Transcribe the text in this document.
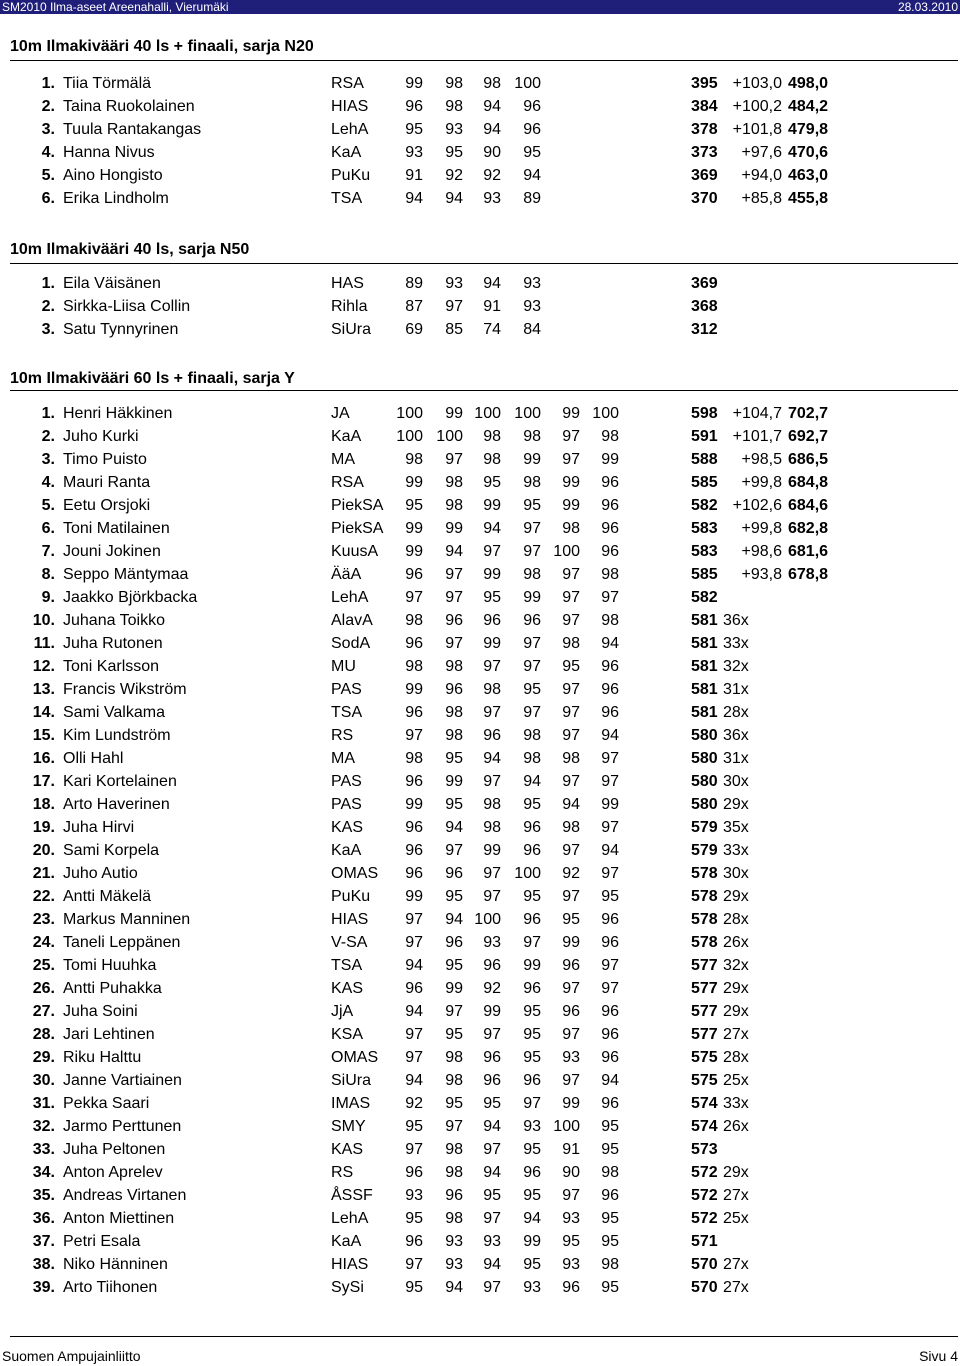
SM2010 Ilma-aseet Areenahalli, Vierumäki	28.03.2010
10m Ilmakivääri 40 ls + finaali, sarja N20
1. Tiia Törmälä	RSA	99	98	98 100	395 +103,0 498,0
2. Taina Ruokolainen	HIAS	96	98	94	96	384 +100,2 484,2
3. Tuula Rantakangas	LehA	95	93	94	96	378 +101,8 479,8
4. Hanna Nivus	KaA	93	95	90	95	373	+97,6 470,6
5. Aino Hongisto	PuKu	91	92	92	94	369	+94,0 463,0
6. Erika Lindholm	TSA	94	94	93	89	370	+85,8 455,8
10m Ilmakivääri 40 ls, sarja N50
1. Eila Väisänen	HAS	89	93	94	93	369
2. Sirkka-Liisa Collin	Rihla	87	97	91	93	368
3. Satu Tynnyrinen	SiUra	69	85	74	84	312
10m Ilmakivääri 60 ls + finaali, sarja Y
1. Henri Häkkinen	JA	100	99 100 100	99 100	598 +104,7 702,7
2. Juho Kurki	KaA 100 100	98	98	97	98	591 +101,7 692,7
3. Timo Puisto	MA	98	97	98	99	97	99	588	+98,5 686,5
4. Mauri Ranta	RSA	99	98	95	98	99	96	585	+99,8 684,8
5. Eetu Orsjoki	PiekSA	95	98	99	95	99	96	582 +102,6 684,6
6. Toni Matilainen	PiekSA	99	99	94	97	98	96	583	+99,8 682,8
7. Jouni Jokinen	KuusA	99	94	97	97 100	96	583	+98,6 681,6
8. Seppo Mäntymaa	ÄäA	96	97	99	98	97	98	585	+93,8 678,8
9. Jaakko Björkbacka	LehA	97	97	95	99	97	97	582
10. Juhana Toikko	AlavA	98	96	96	96	97	98	581 36x
11. Juha Rutonen	SodA	96	97	99	97	98	94	581 33x
12. Toni Karlsson	MU	98	98	97	97	95	96	581 32x
13. Francis Wikström	PAS	99	96	98	95	97	96	581 31x
14. Sami Valkama	TSA	96	98	97	97	97	96	581 28x
15. Kim Lundström	RS	97	98	96	98	97	94	580 36x
16. Olli Hahl	MA	98	95	94	98	98	97	580 31x
17. Kari Kortelainen	PAS	96	99	97	94	97	97	580 30x
18. Arto Haverinen	PAS	99	95	98	95	94	99	580 29x
19. Juha Hirvi	KAS	96	94	98	96	98	97	579 35x
20. Sami Korpela	KaA	96	97	99	96	97	94	579 33x
21. Juho Autio	OMAS	96	96	97 100	92	97	578 30x
22. Antti Mäkelä	PuKu	99	95	97	95	97	95	578 29x
23. Markus Manninen	HIAS	97	94 100	96	95	96	578 28x
24. Taneli Leppänen	V-SA	97	96	93	97	99	96	578 26x
25. Tomi Huuhka	TSA	94	95	96	99	96	97	577 32x
26. Antti Puhakka	KAS	96	99	92	96	97	97	577 29x
27. Juha Soini	JjA	94	97	99	95	96	96	577 29x
28. Jari Lehtinen	KSA	97	95	97	95	97	96	577 27x
29. Riku Halttu	OMAS	97	98	96	95	93	96	575 28x
30. Janne Vartiainen	SiUra	94	98	96	96	97	94	575 25x
31. Pekka Saari	IMAS	92	95	95	97	99	96	574 33x
32. Jarmo Perttunen	SMY	95	97	94	93 100	95	574 26x
33. Juha Peltonen	KAS	97	98	97	95	91	95	573
34. Anton Aprelev	RS	96	98	94	96	90	98	572 29x
35. Andreas Virtanen	ÅSSF	93	96	95	95	97	96	572 27x
36. Anton Miettinen	LehA	95	98	97	94	93	95	572 25x
37. Petri Esala	KaA	96	93	93	99	95	95	571
38. Niko Hänninen	HIAS	97	93	94	95	93	98	570 27x
39. Arto Tiihonen	SySi	95	94	97	93	96	95	570 27x
Suomen Ampujainliitto	Sivu 4
